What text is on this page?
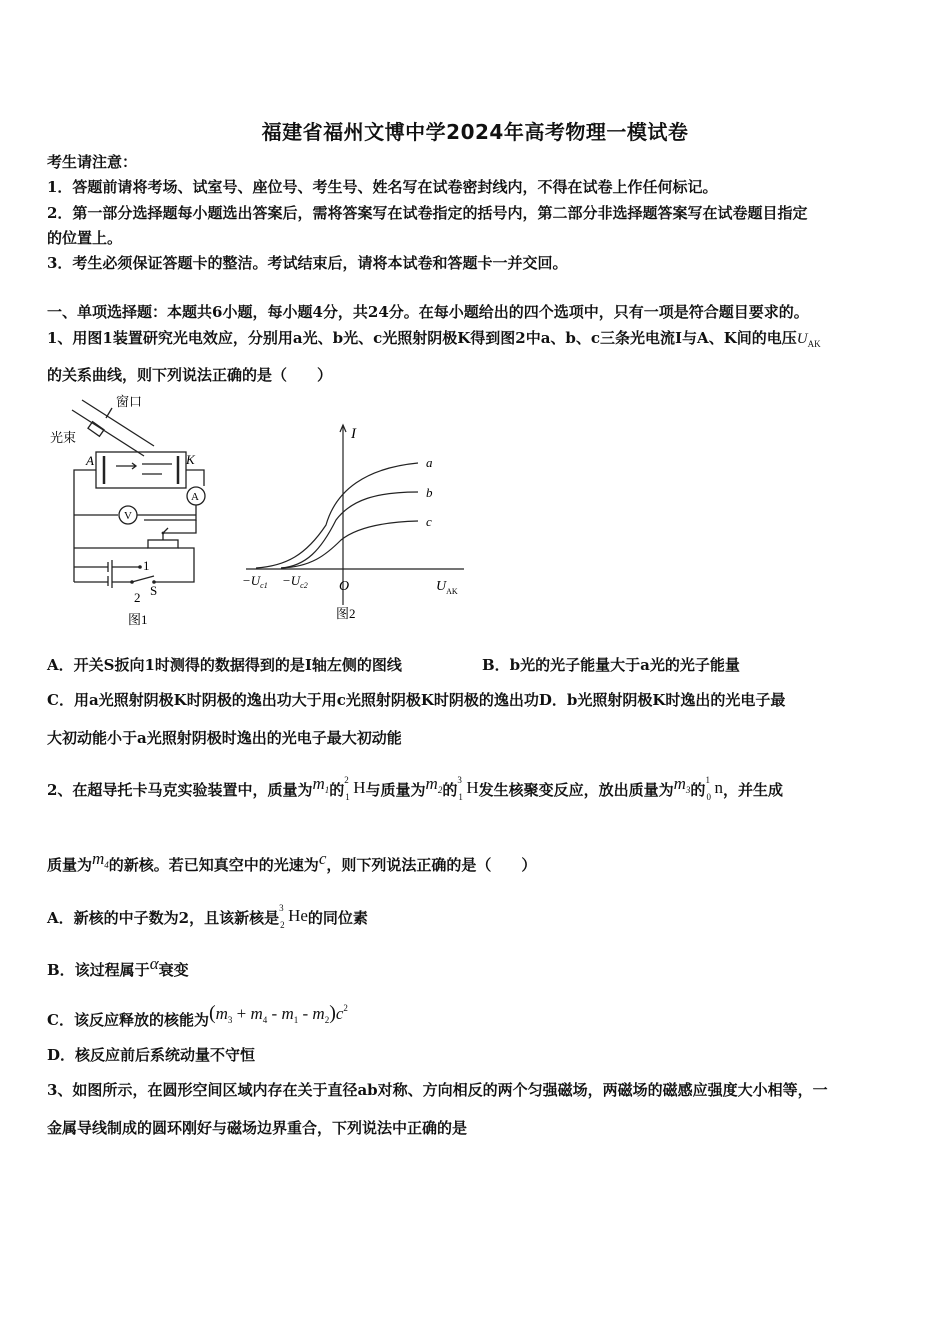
福建省福州文博中学2024年高考物理一模试卷
考生请注意：
1．答题前请将考场、试室号、座位号、考生号、姓名写在试卷密封线内，不得在试卷上作任何标记。
2．第一部分选择题每小题选出答案后，需将答案写在试卷指定的括号内，第二部分非选择题答案写在试卷题目指定
的位置上。
3．考生必须保证答题卡的整洁。考试结束后，请将本试卷和答题卡一并交回。
一、单项选择题：本题共6小题，每小题4分，共24分。在每小题给出的四个选项中，只有一项是符合题目要求的。
1、用图1装置研究光电效应，分别用a光、b光、c光照射阴极K得到图2中a、b、c三条光电流I与A、K间的电压$U_{AK}$
的关系曲线，则下列说法正确的是（　　）
窗口
光束
A	K
A
V
1
2 S
图1
I
a
b
c
$-U_{c1} -U_{c2}$ O	$U_{AK}$
图2
A．开关S扳向1时测得的数据得到的是I轴左侧的图线	B．b光的光子能量大于a光的光子能量
C．用a光照射阴极K时阴极的逸出功大于用c光照射阴极K时阴极的逸出功D．b光照射阴极K时逸出的光电子最
大初动能小于a光照射阴极时逸出的光电子最大初动能
2、在超导托卡马克实验装置中，质量为$m_1$的
2
1 H与质量为$m_2$的
3
1 H发生核聚变反应，放出质量为$m_3$的
1
0 n，并生成
质量为$m_4$的新核。若已知真空中的光速为c，则下列说法正确的是（　　）
A．新核的中子数为2，且该新核是
3
2 He的同位素
B．该过程属于α衰变
C．该反应释放的核能为$(m_3 + m_4 - m_1 - m_2)c^2$
D．核反应前后系统动量不守恒
3、如图所示，在圆形空间区域内存在关于直径ab对称、方向相反的两个匀强磁场，两磁场的磁感应强度大小相等，一
金属导线制成的圆环刚好与磁场边界重合，下列说法中正确的是
